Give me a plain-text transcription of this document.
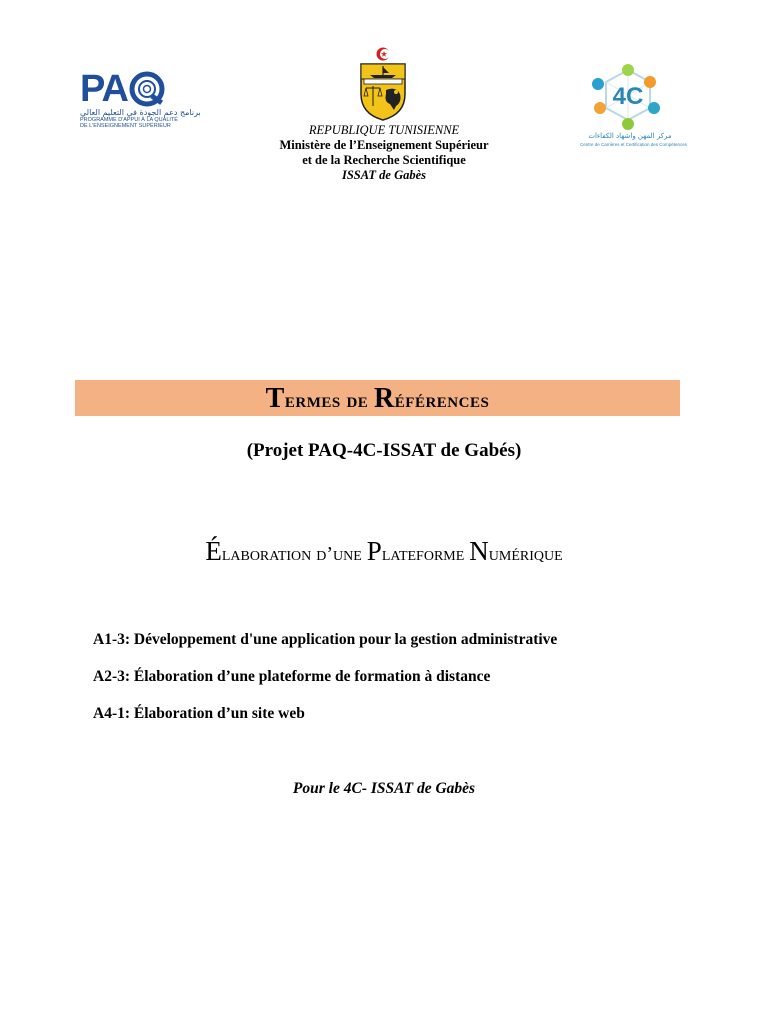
PA
برنامج دعم الجودة في التعليم العالي
PROGRAMME D'APPUI À LA QUALITÉ
DE L'ENSEIGNEMENT SUPÉRIEUR
4C
مركز المهن واشهاد الكفاءات
Centre de Carrières et Certification des Compétences
REPUBLIQUE TUNISIENNE
Ministère de l’Enseignement Supérieur
et de la Recherche Scientifique
ISSAT de Gabès
Termes de Références
(Projet PAQ-4C-ISSAT de Gabés)
Élaboration d’une Plateforme Numérique
A1-3: Développement d'une application pour la gestion administrative
A2-3: Élaboration d’une plateforme de formation à distance
A4-1: Élaboration d’un site web
Pour le 4C- ISSAT de Gabès
